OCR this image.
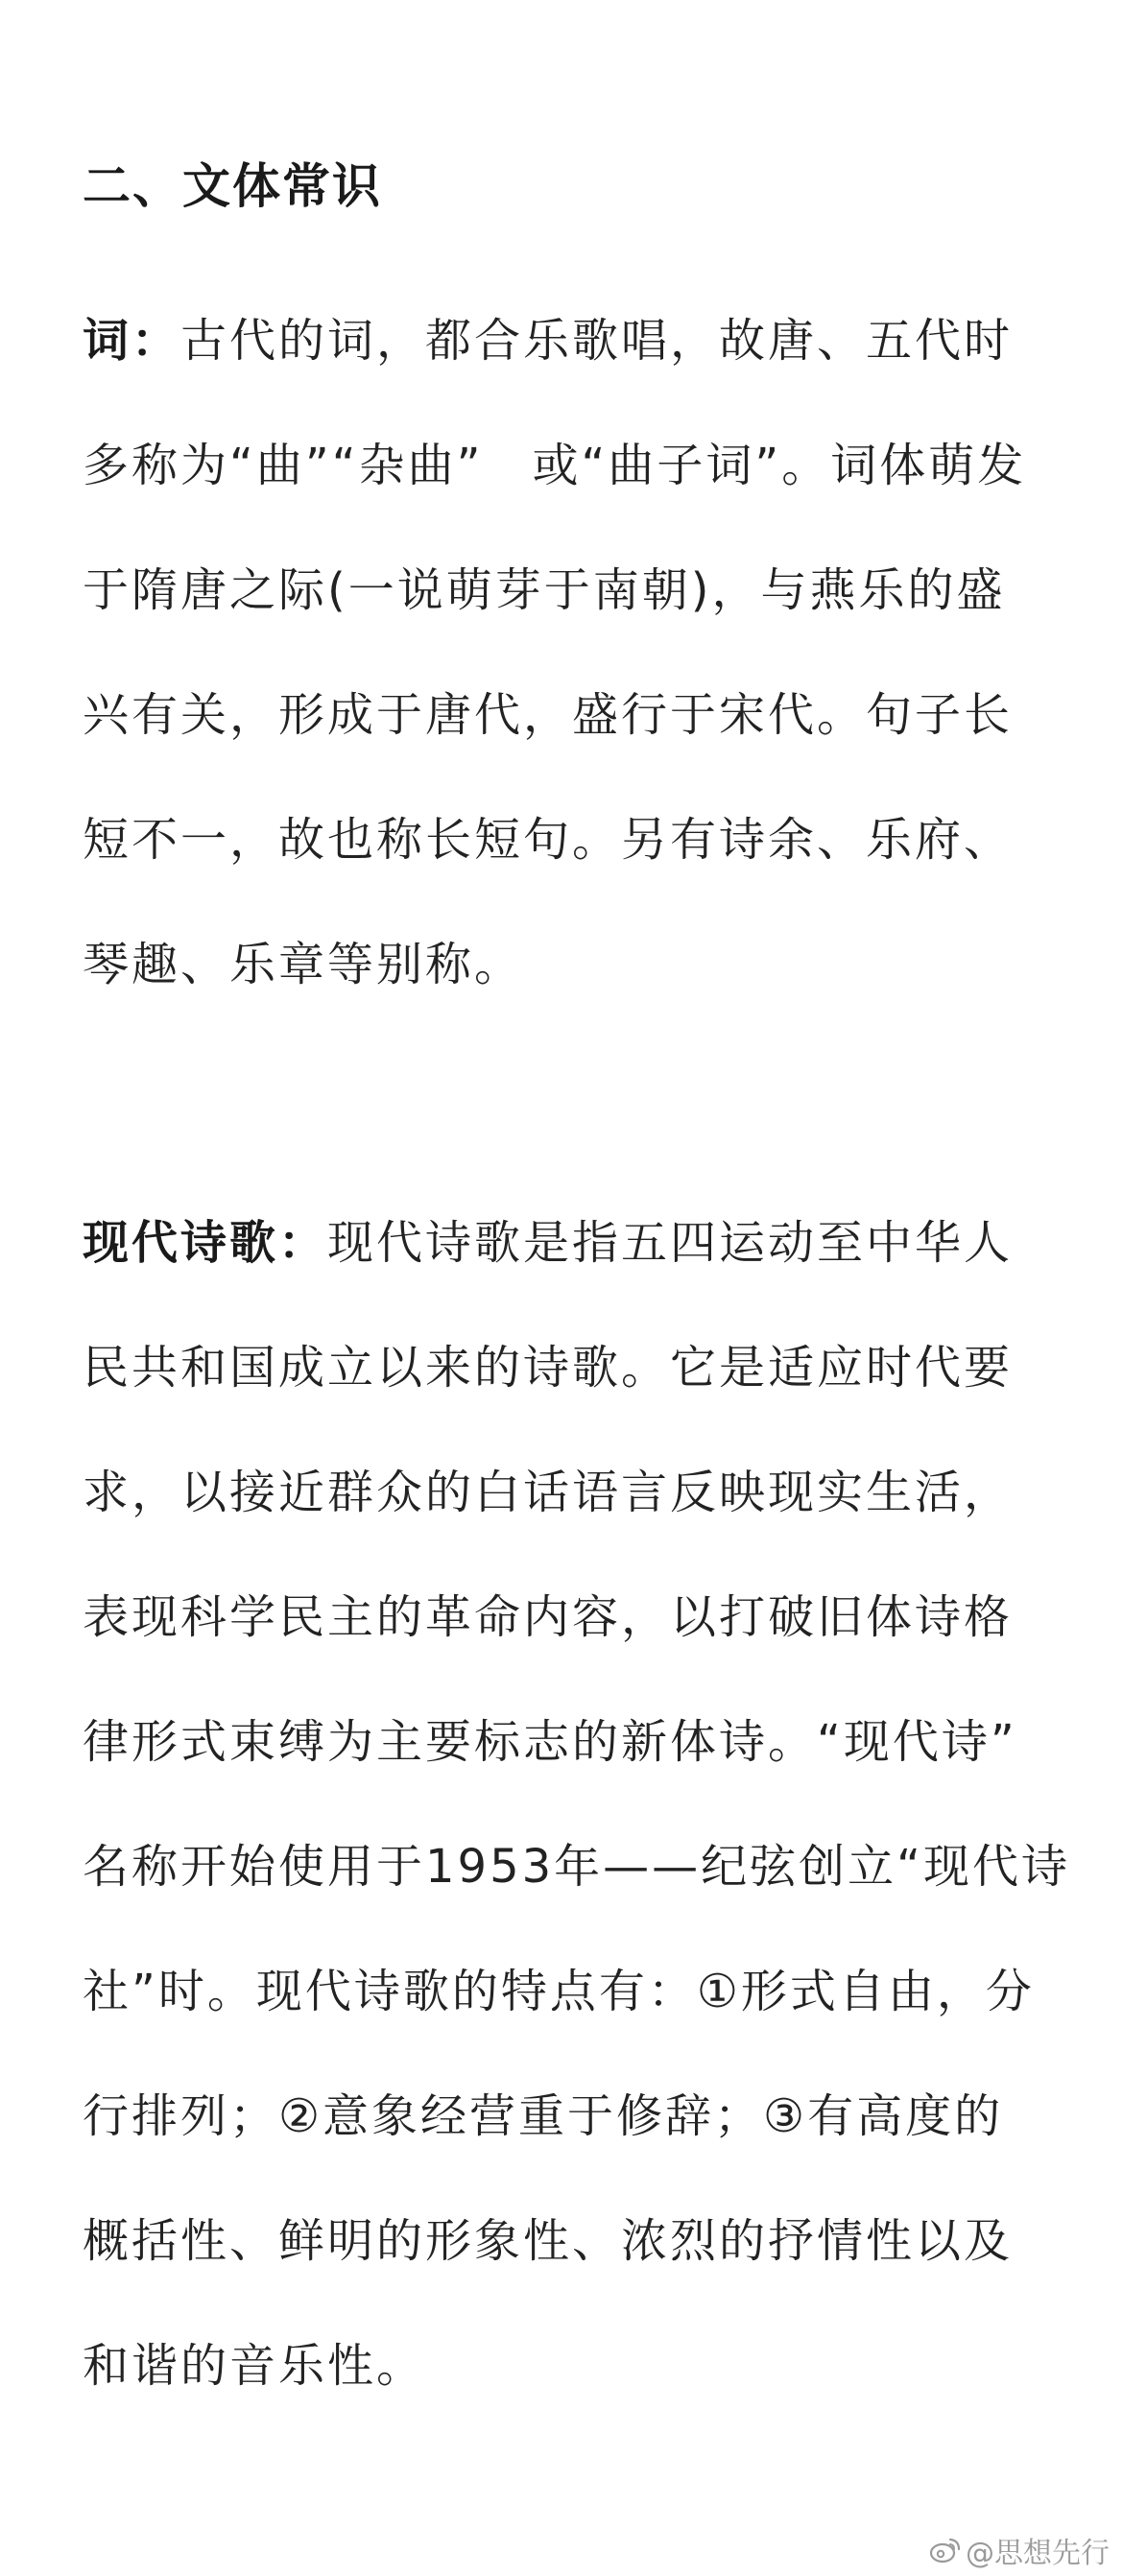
二、文体常识
词：古代的词，都合乐歌唱，故唐、五代时
多称为“曲”“杂曲”　或“曲子词”。词体萌发
于隋唐之际(一说萌芽于南朝)，与燕乐的盛
兴有关，形成于唐代，盛行于宋代。句子长
短不一，故也称长短句。另有诗余、乐府、
琴趣、乐章等别称。
现代诗歌：现代诗歌是指五四运动至中华人
民共和国成立以来的诗歌。它是适应时代要
求，以接近群众的白话语言反映现实生活，
表现科学民主的革命内容，以打破旧体诗格
律形式束缚为主要标志的新体诗。“现代诗”
名称开始使用于1953年——纪弦创立“现代诗
社”时。现代诗歌的特点有：①形式自由，分
行排列；②意象经营重于修辞；③有高度的
概括性、鲜明的形象性、浓烈的抒情性以及
和谐的音乐性。
@思想先行
